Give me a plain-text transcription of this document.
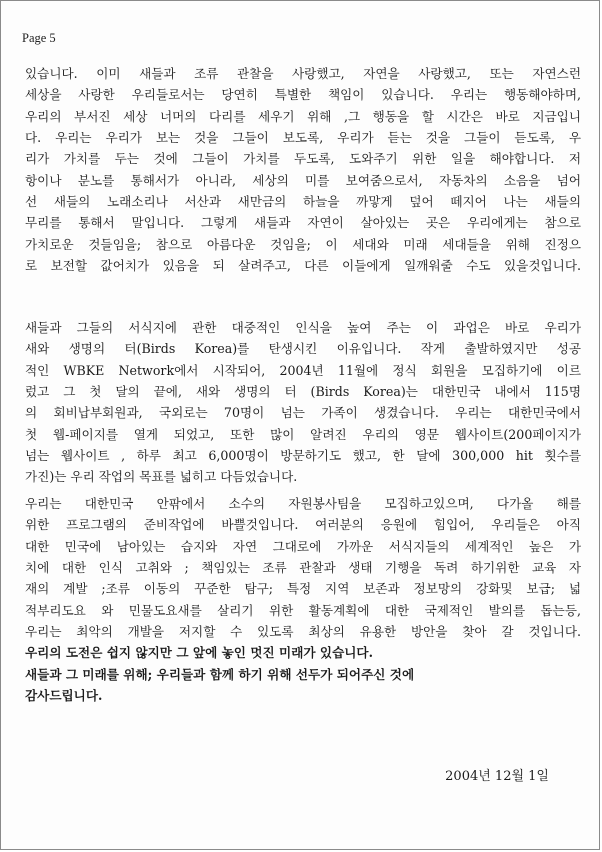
Page 5
있습니다. 이미 새들과 조류 관찰을 사랑했고, 자연을 사랑했고, 또는 자연스런
세상을 사랑한 우리들로서는 당연히 특별한 책임이 있습니다. 우리는 행동해야하며,
우리의 부서진 세상 너머의 다리를 세우기 위해 ,그 행동을 할 시간은 바로 지금입니
다. 우리는 우리가 보는 것을 그들이 보도록, 우리가 듣는 것을 그들이 듣도록, 우
리가 가치를 두는 것에 그들이 가치를 두도록, 도와주기 위한 일을 해야합니다. 저
항이나 분노를 통해서가 아니라, 세상의 미를 보여줌으로서, 자동차의 소음을 넘어
선 새들의 노래소리나 서산과 새만금의 하늘을 까맣게 덮어 떼지어 나는 새들의
무리를 통해서 말입니다. 그렇게 새들과 자연이 살아있는 곳은 우리에게는 참으로
가치로운 것들임을; 참으로 아름다운 것임을; 이 세대와 미래 세대들을 위해 진정으
로 보전할 값어치가 있음을 되 살려주고, 다른 이들에게 일깨워줄 수도 있을것입니다.
새들과 그들의 서식지에 관한 대중적인 인식을 높여 주는 이 과업은 바로 우리가
새와 생명의 터(Birds Korea)를 탄생시킨 이유입니다. 작게 출발하였지만 성공
적인 WBKE Network에서 시작되어, 2004년 11월에 정식 회원을 모집하기에 이르
렀고 그 첫 달의 끝에, 새와 생명의 터 (Birds Korea)는 대한민국 내에서 115명
의 회비납부회원과, 국외로는 70명이 넘는 가족이 생겼습니다. 우리는 대한민국에서
첫 웹-페이지를 열게 되었고, 또한 많이 알려진 우리의 영문 웹사이트(200페이지가
넘는 웹사이트 , 하루 최고 6,000명이 방문하기도 했고, 한 달에 300,000 hit 횟수를
가진)는 우리 작업의 목표를 넓히고 다듬었습니다.
우리는 대한민국 안팎에서 소수의 자원봉사팀을 모집하고있으며, 다가올 해를
위한 프로그램의 준비작업에 바쁠것입니다. 여러분의 응원에 힘입어, 우리들은 아직
대한 민국에 남아있는 습지와 자연 그대로에 가까운 서식지들의 세계적인 높은 가
치에 대한 인식 고취와 ; 책임있는 조류 관찰과 생태 기행을 독려 하기위한 교육 자
재의 계발 ;조류 이동의 꾸준한 탐구; 특정 지역 보존과 정보망의 강화및 보급; 넓
적부리도요 와 민물도요새를 살리기 위한 활동계획에 대한 국제적인 발의를 돕는등,
우리는 최악의 개발을 저지할 수 있도록 최상의 유용한 방안을 찾아 갈 것입니다.
우리의 도전은 쉽지 않지만 그 앞에 놓인 멋진 미래가 있습니다.
새들과 그 미래를 위해; 우리들과 함께 하기 위해 선두가 되어주신 것에
감사드립니다.
2004년 12월 1일
